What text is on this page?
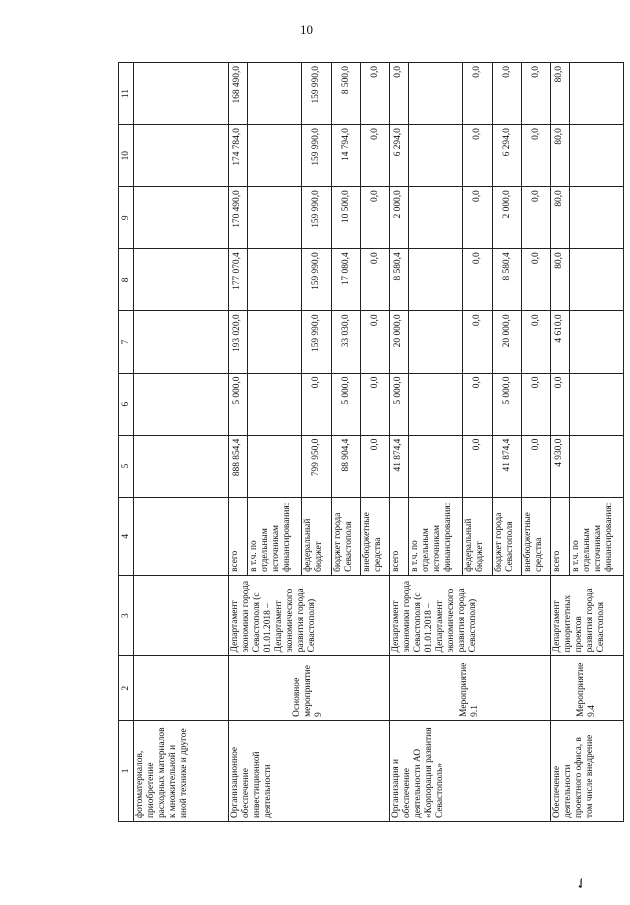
10
1	2	3	4	5	6	7	8	9	10	11
фотоматериалов, приобретение расходных материалов к множительной и иной технике и другое										
Организационное обеспечение инвестиционной деятельности	Основное мероприятие 9	Департамент экономики города Севастополя (с 01.01.2018 – Департамент экономического развития города Севастополя)	всего	888 854,4	5 000,0	193 020,0	177 070,4	170 490,0	174 784,0	168 490,0
			в т.ч. по отдельным источникам финансирования:							
			федеральный бюджет	799 950,0	0,0	159 990,0	159 990,0	159 990,0	159 990,0	159 990,0
			бюджет города Севастополя	88 904,4	5 000,0	33 030,0	17 080,4	10 500,0	14 794,0	8 500,0
			внебюджетные средства	0,0	0,0	0,0	0,0	0,0	0,0	0,0
Организация и обеспечение деятельности АО «Корпорация развития Севастополь»	Мероприятие 9.1	Департамент экономики города Севастополя (с 01.01.2018 – Департамент экономического развития города Севастополя)	всего	41 874,4	5 000,0	20 000,0	8 580,4	2 000,0	6 294,0	0,0
			в т.ч. по отдельным источникам финансирования:							
			федеральный бюджет	0,0	0,0	0,0	0,0	0,0	0,0	0,0
			бюджет города Севастополя	41 874,4	5 000,0	20 000,0	8 580,4	2 000,0	6 294,0	0,0
			внебюджетные средства	0,0	0,0	0,0	0,0	0,0	0,0	0,0
Обеспечение деятельности проектного офиса, в том числе внедрение	Мероприятие 9.4	Департамент приоритетных проектов развития города Севастополя	всего	4 930,0	0,0	4 610,0	80,0	80,0	80,0	80,0
			в т.ч. по отдельным источникам финансирования:							
✓
